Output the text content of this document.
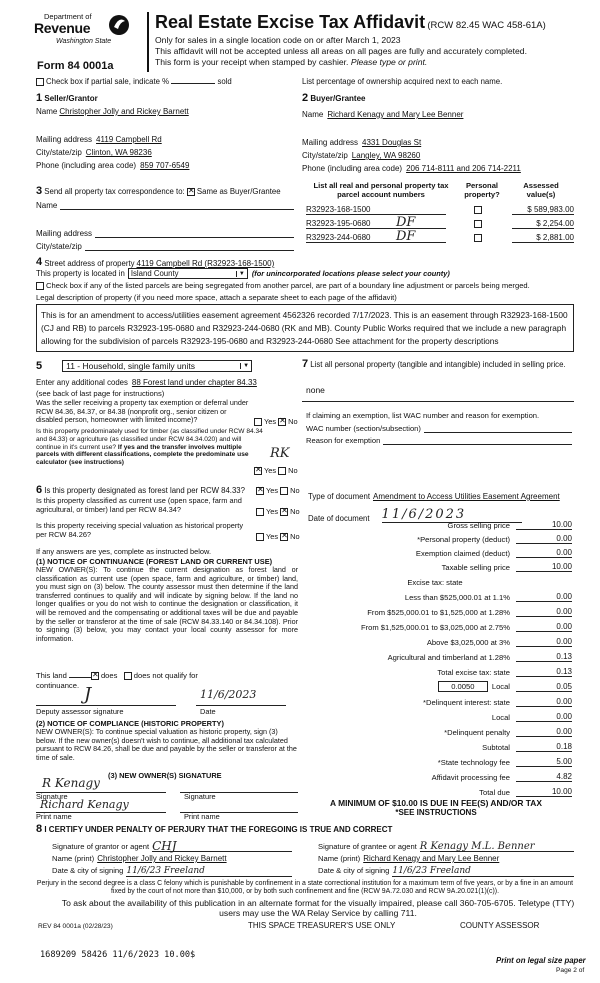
Department of
Revenue
Washington State
Form 84 0001a
Real Estate Excise Tax Affidavit (RCW 82.45 WAC 458-61A)
Only for sales in a single location code on or after March 1, 2023
This affidavit will not be accepted unless all areas on all pages are fully and accurately completed.
This form is your receipt when stamped by cashier. Please type or print.
Check box if partial sale, indicate %	sold	List percentage of ownership acquired next to each name.
1 Seller/Grantor
Name Christopher Jolly and Rickey Barnett
Mailing address 4119 Campbell Rd
City/state/zip Clinton, WA 98236
Phone (including area code) 859 707-6549
2 Buyer/Grantee
Name Richard Kenagy and Mary Lee Benner
Mailing address 4331 Douglas St
City/state/zip Langley, WA 98260
Phone (including area code) 206 714-8111 and 206 714-2211
3 Send all property tax correspondence to: ✕ Same as Buyer/Grantee
Name
Mailing address
City/state/zip
List all real and personal property tax parcel account numbers
Personal property?
Assessed value(s)
R32923-168-1500	$ 589,983.00
R32923-195-0680	DF	$ 2,254.00
R32923-244-0680	DF	$ 2,881.00
4
Street address of property 4119 Campbell Rd (R32923-168-1500)
This property is located in Island County	▼ (for unincorporated locations please select your county)
Check box if any of the listed parcels are being segregated from another parcel, are part of a boundary line adjustment or parcels being merged.
Legal description of property (if you need more space, attach a separate sheet to each page of the affidavit)
This is for an amendment to access/utilities easement agreement 4562326 recorded 7/17/2023. This is an easement through R32923-168-1500 (CJ and RB) to parcels R32923-195-0680 and R32923-244-0680 (RK and MB). County Public Works required that we include a new paragraph allowing for the subdivision of parcels R32923-195-0680 and R32923-244-0680 See attachment for the property descriptions
5	11 - Household, single family units	▼
Enter any additional codes 88 Forest land under chapter 84.33
(see back of last page for instructions)
Was the seller receiving a property tax exemption or deferral under RCW 84.36, 84.37, or 84.38 (nonprofit org., senior citizen or disabled person, homeowner with limited income)?	Yes ✕ No
Is this property predominately used for timber (as classified under RCW 84.34 and 84.33) or agriculture (as classified under RCW 84.34.020) and will continue in it's current use? If yes and the transfer involves multiple parcels with different classifications, complete the predominate use calculator (see instructions)
✕Yes No
RK
7 List all personal property (tangible and intangible) included in selling price.
none
If claiming an exemption, list WAC number and reason for exemption.
WAC number (section/subsection)
Reason for exemption
6 Is this property designated as forest land per RCW 84.33? ✕	Yes No
Is this property classified as current use (open space, farm and agricultural, or timber) land per RCW 84.34?	Yes ✕ No
Is this property receiving special valuation as historical property per RCW 84.26?	Yes ✕ No
If any answers are yes, complete as instructed below.
(1) NOTICE OF CONTINUANCE (FOREST LAND OR CURRENT USE)
NEW OWNER(S): To continue the current designation as forest land or classification as current use (open space, farm and agriculture, or timber) land, you must sign on (3) below. The county assessor must then determine if the land transferred continues to qualify and will indicate by signing below. If the land no longer qualifies or you do not wish to continue the designation or classification, it will be removed and the compensating or additional taxes will be due and payable by the seller or transferor at the time of sale (RCW 84.33.140 or 84.34.108). Prior to signing (3) below, you may contact your local county assessor for more information.
This land ✕	does does not qualify for
continuance. J
Deputy assessor signature
11/6/2023
Date
(2) NOTICE OF COMPLIANCE (HISTORIC PROPERTY)
NEW OWNER(S): To continue special valuation as historic property, sign (3) below. If the new owner(s) doesn't wish to continue, all additional tax calculated pursuant to RCW 84.26, shall be due and payable by the seller or transferor at the time of sale.
(3) NEW OWNER(S) SIGNATURE
R Kenagy
Signature	Signature
Richard Kenagy
Print name	Print name
Type of document Amendment to Access Utilities Easement Agreement
Date of document 11/6/2023
Gross selling price	10.00
*Personal property (deduct)	0.00
Exemption claimed (deduct)	0.00
Taxable selling price	10.00
Excise tax: state
Less than $525,000.01 at 1.1%	0.00
From $525,000.01 to $1,525,000 at 1.28%	0.00
From $1,525,000.01 to $3,025,000 at 2.75%	0.00
Above $3,025,000 at 3%	0.00
Agricultural and timberland at 1.28%	0.13
Total excise tax: state	0.13
0.0050 Local	0.05
*Delinquent interest: state	0.00
Local	0.00
*Delinquent penalty	0.00
Subtotal	0.18
*State technology fee	5.00
Affidavit processing fee	4.82
Total due	10.00
A MINIMUM OF $10.00 IS DUE IN FEE(S) AND/OR TAX
*SEE INSTRUCTIONS
8 I CERTIFY UNDER PENALTY OF PERJURY THAT THE FOREGOING IS TRUE AND CORRECT
Signature of grantor or agent CHJ
Name (print) Christopher Jolly and Rickey Barnett
Date & city of signing 11/6/23 Freeland
Signature of grantee or agent R Kenagy M.L. Benner
Name (print) Richard Kenagy and Mary Lee Benner
Date & city of signing 11/6/23 Freeland
Perjury in the second degree is a class C felony which is punishable by confinement in a state correctional institution for a maximum term of five years, or by a fine in an amount fixed by the court of not more than $10,000, or by both such confinement and fine (RCW 9A.72.030 and RCW 9A.20.021(1)(c)).
To ask about the availability of this publication in an alternate format for the visually impaired, please call 360-705-6705. Teletype (TTY) users may use the WA Relay Service by calling 711.
REV 84 0001a (02/28/23)	THIS SPACE TREASURER'S USE ONLY	COUNTY ASSESSOR
1689209 58426 11/6/2023 10.00$
Print on legal size paper
Page 2 of
